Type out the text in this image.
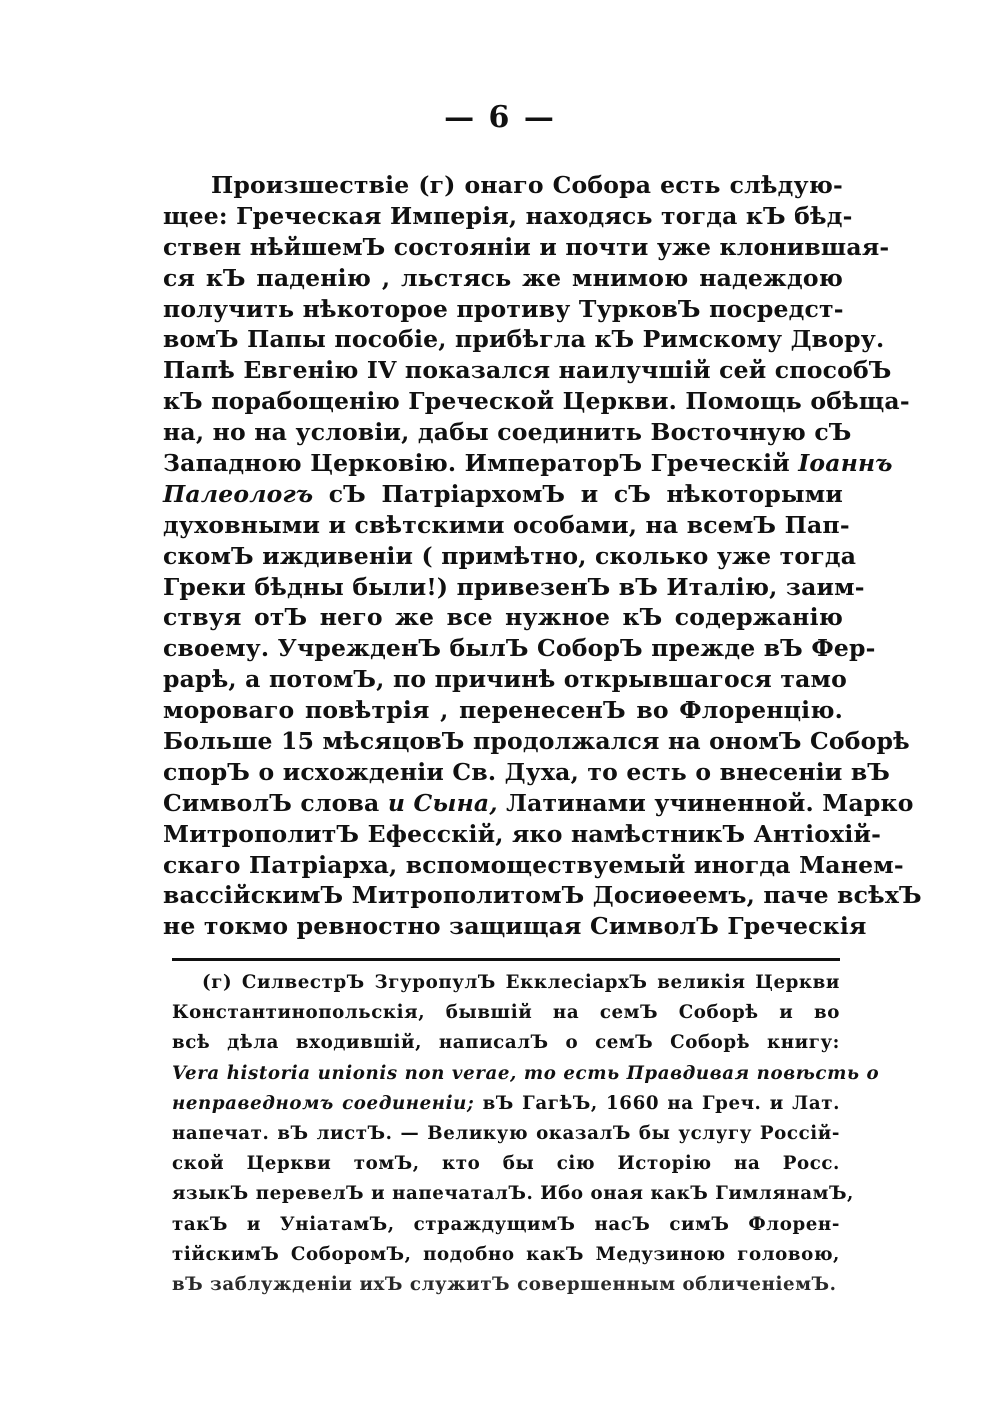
— 6 —
Произшествіе (г) онаго Собора есть слѣдую-
щее: Греческая Имперія, находясь тогда кЪ бѣд-
ствен нѣйшемЪ состояніи и почти уже клонившая-
ся кЪ паденію , льстясь же мнимою надеждою
получить нѣкоторое противу ТурковЪ посредст-
вомЪ Папы пособіе, прибѣгла кЪ Римскому Двору.
Папѣ Евгенію IV показался наилучшій сей способЪ
кЪ порабощенію Греческой Церкви. Помощь обѣща-
на, но на условіи, дабы соединить Восточную сЪ
Западною Церковію. ИмператорЪ Греческій Іоаннъ
Палеологъ сЪ ПатріархомЪ и сЪ нѣкоторыми
духовными и свѣтскими особами, на всемЪ Пап-
скомЪ иждивеніи ( примѣтно, сколько уже тогда
Греки бѣдны были!) привезенЪ вЪ Италію, заим-
ствуя отЪ него же все нужное кЪ содержанію
своему. УчрежденЪ былЪ СоборЪ прежде вЪ Фер-
рарѣ, а потомЪ, по причинѣ открывшагося тамо
мороваго повѣтрія , перенесенЪ во Флоренцію.
Больше 15 мѣсяцовЪ продолжался на ономЪ Соборѣ
спорЪ о исхожденіи Св. Духа, то есть о внесеніи вЪ
СимволЪ слова и Сына, Латинами учиненной. Марко
МитрополитЪ Ефесскій, яко намѣстникЪ Антіохій-
скаго Патріарха, вспомоществуемый иногда Манем-
вассійскимЪ МитрополитомЪ Досиѳеемъ, паче всѣхЪ
не токмо ревностно защищая СимволЪ Греческія
(г) СилвестрЪ ЗгуропулЪ ЕкклесіархЪ великія Церкви
Константинопольскія, бывшій на семЪ Соборѣ и во
всѣ дѣла входившій, написалЪ о семЪ Соборѣ книгу:
Vera historia unionis non verae, то есть Правдивая повѣсть о
неправедномъ соединеніи; вЪ ГагѣЪ, 1660 на Греч. и Лат.
напечат. вЪ листЪ. — Великую оказалЪ бы услугу Россій-
ской Церкви томЪ, кто бы сію Исторію на Росс.
языкЪ перевелЪ и напечаталЪ. Ибо оная какЪ ГимлянамЪ,
такЪ и УніатамЪ, страждущимЪ насЪ симЪ Флорен-
тійскимЪ СоборомЪ, подобно какЪ Медузиною головою,
вЪ заблужденіи ихЪ служитЪ совершенным обличеніемЪ.
